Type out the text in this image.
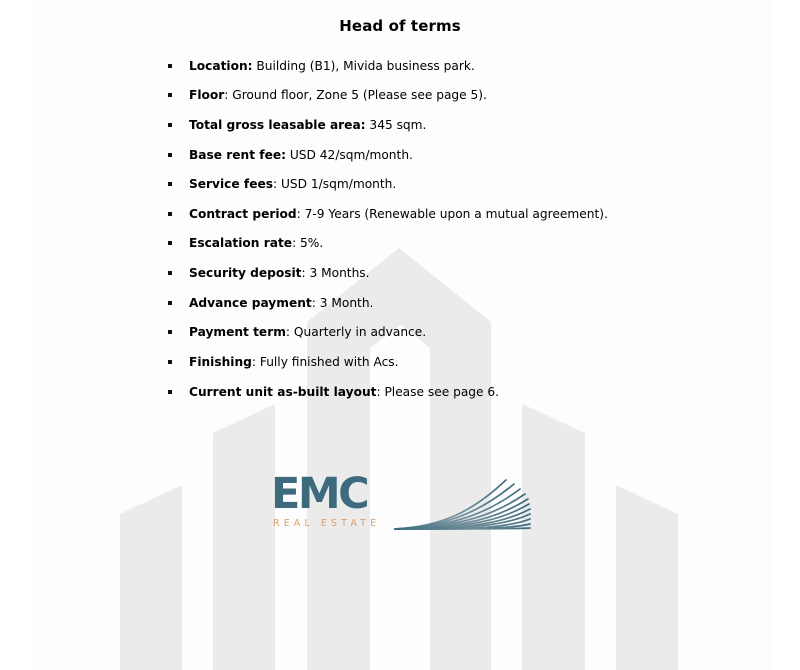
Head of terms
Location: Building (B1), Mivida business park.
Floor: Ground floor, Zone 5 (Please see page 5).
Total gross leasable area: 345 sqm.
Base rent fee: USD 42/sqm/month.
Service fees: USD 1/sqm/month.
Contract period: 7-9 Years (Renewable upon a mutual agreement).
Escalation rate: 5%.
Security deposit: 3 Months.
Advance payment: 3 Month.
Payment term: Quarterly in advance.
Finishing: Fully finished with Acs.
Current unit as-built layout: Please see page 6.
EMC
REAL ESTATE
